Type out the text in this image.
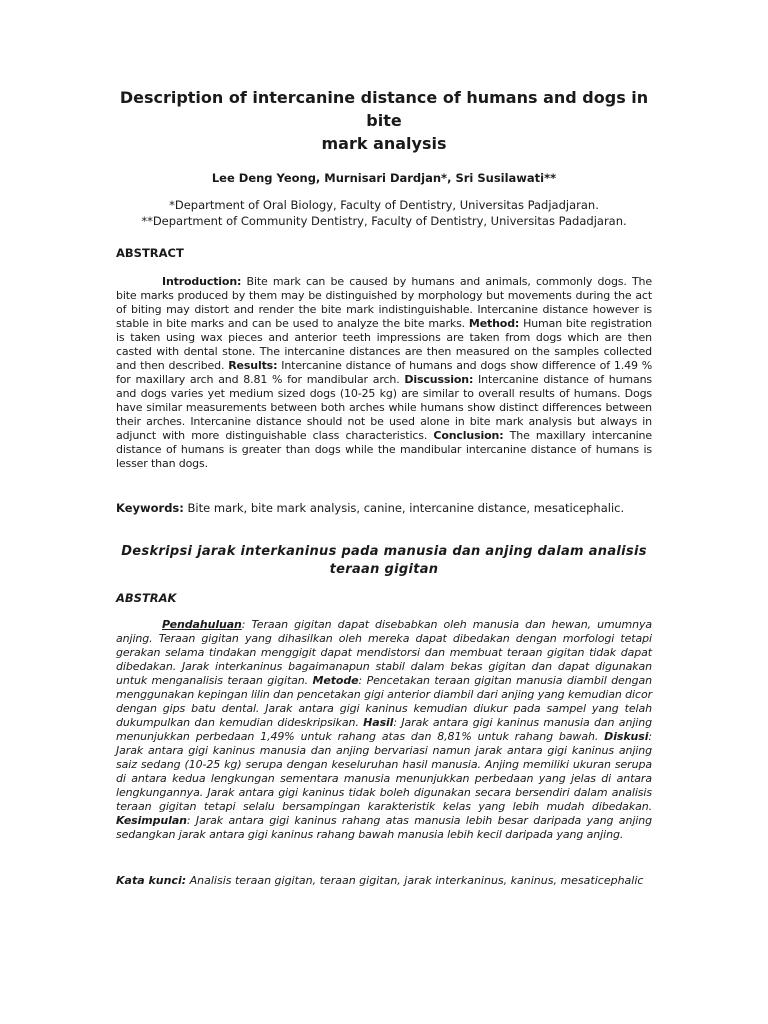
Description of intercanine distance of humans and dogs in bite
mark analysis

Lee Deng Yeong, Murnisari Dardjan*, Sri Susilawati**

*Department of Oral Biology, Faculty of Dentistry, Universitas Padjadjaran.
**Department of Community Dentistry, Faculty of Dentistry, Universitas Padadjaran.
ABSTRACT

Introduction: Bite mark can be caused by humans and animals, commonly dogs. The bite marks produced by them may be distinguished by morphology but movements during the act of biting may distort and render the bite mark indistinguishable. Intercanine distance however is stable in bite marks and can be used to analyze the bite marks. Method: Human bite registration is taken using wax pieces and anterior teeth impressions are taken from dogs which are then casted with dental stone. The intercanine distances are then measured on the samples collected and then described. Results: Intercanine distance of humans and dogs show difference of 1.49 % for maxillary arch and 8.81 % for mandibular arch. Discussion: Intercanine distance of humans and dogs varies yet medium sized dogs (10-25 kg) are similar to overall results of humans. Dogs have similar measurements between both arches while humans show distinct differences between their arches. Intercanine distance should not be used alone in bite mark analysis but always in adjunct with more distinguishable class characteristics. Conclusion: The maxillary intercanine distance of humans is greater than dogs while the mandibular intercanine distance of humans is lesser than dogs.

Keywords: Bite mark, bite mark analysis, canine, intercanine distance, mesaticephalic.

Deskripsi jarak interkaninus pada manusia dan anjing dalam analisis
teraan gigitan
ABSTRAK

Pendahuluan: Teraan gigitan dapat disebabkan oleh manusia dan hewan, umumnya anjing. Teraan gigitan yang dihasilkan oleh mereka dapat dibedakan dengan morfologi tetapi gerakan selama tindakan menggigit dapat mendistorsi dan membuat teraan gigitan tidak dapat dibedakan. Jarak interkaninus bagaimanapun stabil dalam bekas gigitan dan dapat digunakan untuk menganalisis teraan gigitan. Metode: Pencetakan teraan gigitan manusia diambil dengan menggunakan kepingan lilin dan pencetakan gigi anterior diambil dari anjing yang kemudian dicor dengan gips batu dental. Jarak antara gigi kaninus kemudian diukur pada sampel yang telah dukumpulkan dan kemudian dideskripsikan. Hasil: Jarak antara gigi kaninus manusia dan anjing menunjukkan perbedaan 1,49% untuk rahang atas dan 8,81% untuk rahang bawah. Diskusi: Jarak antara gigi kaninus manusia dan anjing bervariasi namun jarak antara gigi kaninus anjing saiz sedang (10-25 kg) serupa dengan keseluruhan hasil manusia. Anjing memiliki ukuran serupa di antara kedua lengkungan sementara manusia menunjukkan perbedaan yang jelas di antara lengkungannya. Jarak antara gigi kaninus tidak boleh digunakan secara bersendiri dalam analisis teraan gigitan tetapi selalu bersampingan karakteristik kelas yang lebih mudah dibedakan. Kesimpulan: Jarak antara gigi kaninus rahang atas manusia lebih besar daripada yang anjing sedangkan jarak antara gigi kaninus rahang bawah manusia lebih kecil daripada yang anjing.

Kata kunci: Analisis teraan gigitan, teraan gigitan, jarak interkaninus, kaninus, mesaticephalic
